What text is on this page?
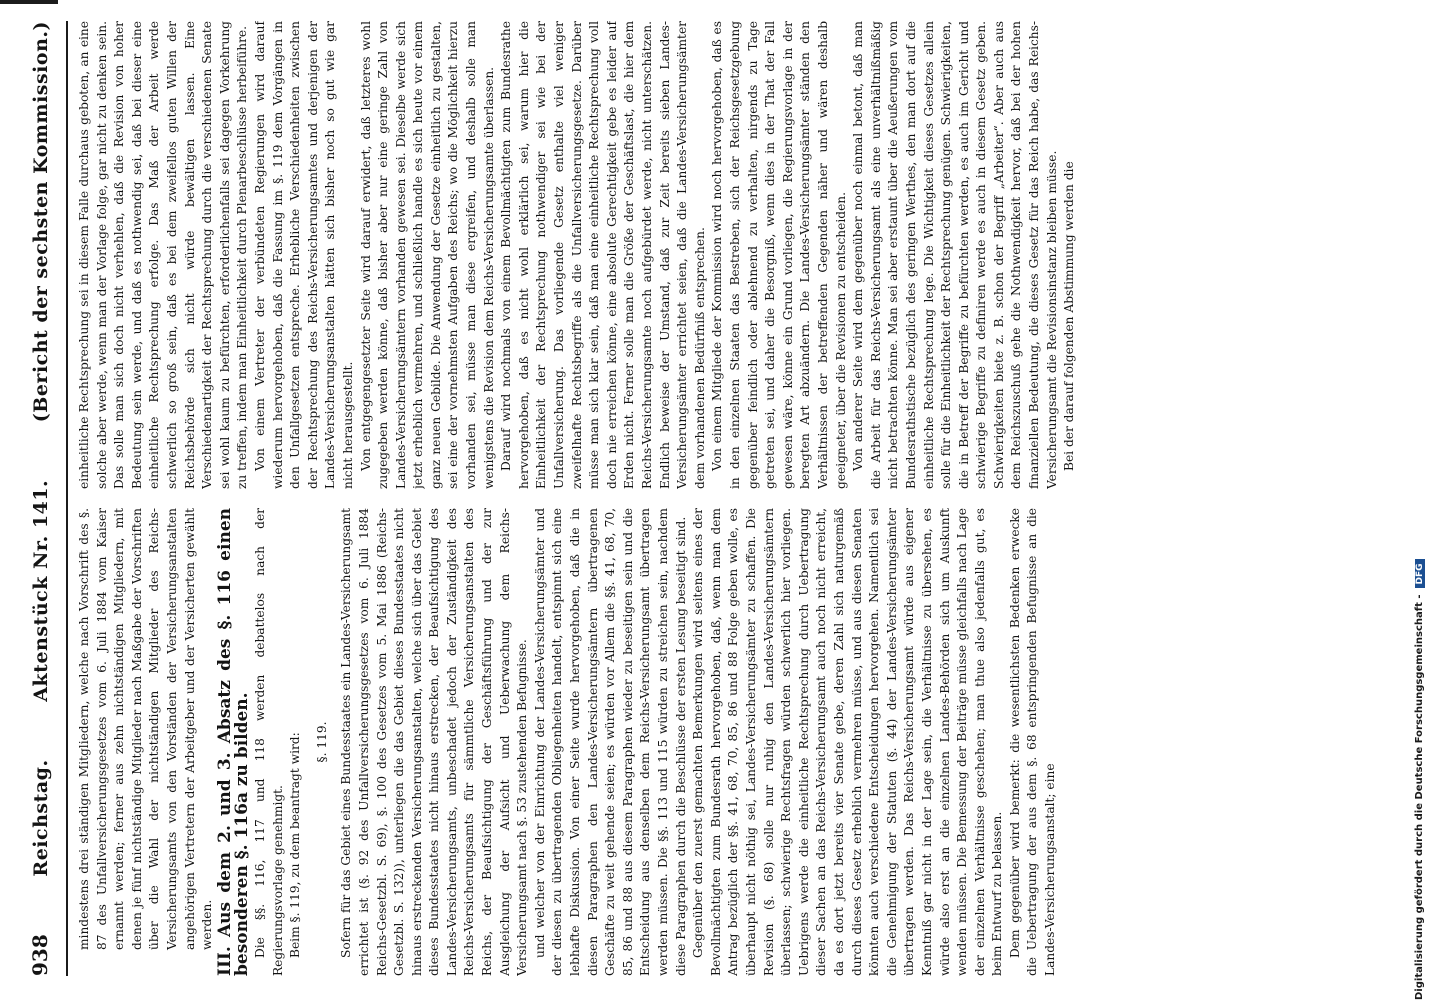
938
Reichstag.
Aktenstück Nr. 141.
(Bericht der sechsten Kommission.)

mindestens drei ständigen Mitgliedern, welche nach Vorschrift des §. 87 des Unfallversicherungsgesetzes vom 6. Juli 1884 vom Kaiser ernannt werden; ferner aus zehn nichtständigen Mitgliedern, mit denen je fünf nichtständige Mitglieder nach Maßgabe der Vorschriften über die Wahl der nichtständigen Mitglieder des Reichs-Versicherungsamts von den Vorständen der Versicherungsanstalten angehörigen Vertretern der Arbeitgeber und der Versicherten gewählt werden. III. Aus dem 2. und 3. Absatz des §. 116 einen besonderen §. 116a zu bilden. Die §§. 116, 117 und 118 werden debattelos nach der Regierungsvorlage genehmigt. Beim §. 119, zu dem beantragt wird: §. 119. Sofern für das Gebiet eines Bundesstaates ein Landes-Versicherungsamt errichtet ist (§. 92 des Unfallversicherungsgesetzes vom 6. Juli 1884 Reichs-Gesetzbl. S. 69), §. 100 des Gesetzes vom 5. Mai 1886 (Reichs-Gesetzbl. S. 132)), unterliegen die das Gebiet dieses Bundesstaates nicht hinaus erstreckenden Versicherungsanstalten, welche sich über das Gebiet dieses Bundesstaates nicht hinaus erstrecken, der Beaufsichtigung des Landes-Versicherungsamts, unbeschadet jedoch der Zuständigkeit des Reichs-Versicherungsamts für sämmtliche Versicherungsanstalten des Reichs, der Beaufsichtigung der Geschäftsführung und der zur Ausgleichung der Aufsicht und Ueberwachung dem Reichs-Versicherungsamt nach §. 53 zustehenden Befugnisse. und welcher von der Einrichtung der Landes-Versicherungsämter und der diesen zu übertragenden Obliegenheiten handelt, entspinnt sich eine lebhafte Diskussion. Von einer Seite wurde hervorgehoben, daß die in diesen Paragraphen den Landes-Versicherungsämtern übertragenen Geschäfte zu weit gehende seien; es würden vor Allem die §§. 41, 68, 70, 85, 86 und 88 aus diesem Paragraphen wieder zu beseitigen sein und die Entscheidung aus denselben dem Reichs-Versicherungsamt übertragen werden müssen. Die §§. 113 und 115 würden zu streichen sein, nachdem diese Paragraphen durch die Beschlüsse der ersten Lesung beseitigt sind. Gegenüber den zuerst gemachten Bemerkungen wird seitens eines der Bevollmächtigten zum Bundesrath hervorgehoben, daß, wenn man dem Antrag bezüglich der §§. 41, 68, 70, 85, 86 und 88 Folge geben wolle, es überhaupt nicht nöthig sei, Landes-Versicherungsämter zu schaffen. Die Revision (§. 68) solle nur ruhig den Landes-Versicherungsämtern überlassen; schwierige Rechtsfragen würden schwerlich hier vorliegen. Uebrigens werde die einheitliche Rechtsprechung durch Uebertragung dieser Sachen an das Reichs-Versicherungsamt auch noch nicht erreicht, da es dort jetzt bereits vier Senate gebe, deren Zahl sich naturgemäß durch dieses Gesetz erheblich vermehren müsse, und aus diesen Senaten könnten auch verschiedene Entscheidungen hervorgehen. Namentlich sei die Genehmigung der Statuten (§. 44) der Landes-Versicherungsämter übertragen werden. Das Reichs-Versicherungsamt würde aus eigener Kenntniß gar nicht in der Lage sein, die Verhältnisse zu übersehen, es würde also erst an die einzelnen Landes-Behörden sich um Auskunft wenden müssen. Die Bemessung der Beiträge müsse gleichfalls nach Lage der einzelnen Verhältnisse geschehen; man thue also jedenfalls gut, es beim Entwurf zu belassen. Dem gegenüber wird bemerkt: die wesentlichsten Bedenken erwecke die Uebertragung der aus dem §. 68 entspringenden Befugnisse an die Landes-Versicherungsanstalt; eine

einheitliche Rechtsprechung sei in diesem Falle durchaus geboten, an eine solche aber werde, wenn man der Vorlage folge, gar nicht zu denken sein. Das solle man sich doch nicht verhehlen, daß die Revision von hoher Bedeutung sein werde, und daß es nothwendig sei, daß bei dieser eine einheitliche Rechtsprechung erfolge. Das Maß der Arbeit werde schwerlich so groß sein, daß es bei dem zweifellos guten Willen der Reichsbehörde sich nicht würde bewältigen lassen. Eine Verschiedenartigkeit der Rechtsprechung durch die verschiedenen Senate sei wohl kaum zu befürchten, erforderlichenfalls sei dagegen Vorkehrung zu treffen, indem man Einheitlichkeit durch Plenarbeschlüsse herbeiführe. Von einem Vertreter der verbündeten Regierungen wird darauf wiederum hervorgehoben, daß die Fassung im §. 119 dem Vorgängen in den Unfallgesetzen entspreche. Erhebliche Verschiedenheiten zwischen der Rechtsprechung des Reichs-Versicherungsamtes und derjenigen der Landes-Versicherungsanstalten hätten sich bisher noch so gut wie gar nicht herausgestellt. Von entgegengesetzter Seite wird darauf erwidert, daß letzteres wohl zugegeben werden könne, daß bisher aber nur eine geringe Zahl von Landes-Versicherungsämtern vorhanden gewesen sei. Dieselbe werde sich jetzt erheblich vermehren, und schließlich handle es sich heute vor einem ganz neuen Gebilde. Die Anwendung der Gesetze einheitlich zu gestalten, sei eine der vornehmsten Aufgaben des Reichs; wo die Möglichkeit hierzu vorhanden sei, müsse man diese ergreifen, und deshalb solle man wenigstens die Revision dem Reichs-Versicherungsamte überlassen. Darauf wird nochmals von einem Bevollmächtigten zum Bundesrathe hervorgehoben, daß es nicht wohl erklärlich sei, warum hier die Einheitlichkeit der Rechtsprechung nothwendiger sei wie bei der Unfallversicherung. Das vorliegende Gesetz enthalte viel weniger zweifelhafte Rechtsbegriffe als die Unfallversicherungsgesetze. Darüber müsse man sich klar sein, daß man eine einheitliche Rechtsprechung voll doch nie erreichen könne, eine absolute Gerechtigkeit gebe es leider auf Erden nicht. Ferner solle man die Größe der Geschäftslast, die hier dem Reichs-Versicherungsamte noch aufgebürdet werde, nicht unterschätzen. Endlich beweise der Umstand, daß zur Zeit bereits sieben Landes-Versicherungsämter errichtet seien, daß die Landes-Versicherungsämter dem vorhandenen Bedürfniß entsprechen. Von einem Mitgliede der Kommission wird noch hervorgehoben, daß es in den einzelnen Staaten das Bestreben, sich der Reichsgesetzgebung gegenüber feindlich oder ablehnend zu verhalten, nirgends zu Tage getreten sei, und daher die Besorgniß, wenn dies in der That der Fall gewesen wäre, könne ein Grund vorliegen, die Regierungsvorlage in der beregten Art abzuändern. Die Landes-Versicherungsämter ständen den Verhältnissen der betreffenden Gegenden näher und wären deshalb geeigneter, über die Revisionen zu entscheiden. Von anderer Seite wird dem gegenüber noch einmal betont, daß man die Arbeit für das Reichs-Versicherungsamt als eine unverhältnißmäßig nicht betrachten könne. Man sei aber erstaunt über die Aeußerungen vom Bundesrathstische bezüglich des geringen Werthes, den man dort auf die einheitliche Rechtsprechung lege. Die Wichtigkeit dieses Gesetzes allein solle für die Einheitlichkeit der Rechtsprechung genügen. Schwierigkeiten, die in Betreff der Begriffe zu befürchten werden, es auch im Gericht und schwierige Begriffe zu definiren werde es auch in diesem Gesetz geben. Schwierigkeiten biete z. B. schon der Begriff „Arbeiter“. Aber auch aus dem Reichszuschuß gehe die Nothwendigkeit hervor, daß bei der hohen finanziellen Bedeutung, die dieses Gesetz für das Reich habe, das Reichs-Versicherungsamt die Revisionsinstanz bleiben müsse. Bei der darauf folgenden Abstimmung werden die

Digitalisierung gefördert durch die Deutsche Forschungsgemeinschaft -DFG
